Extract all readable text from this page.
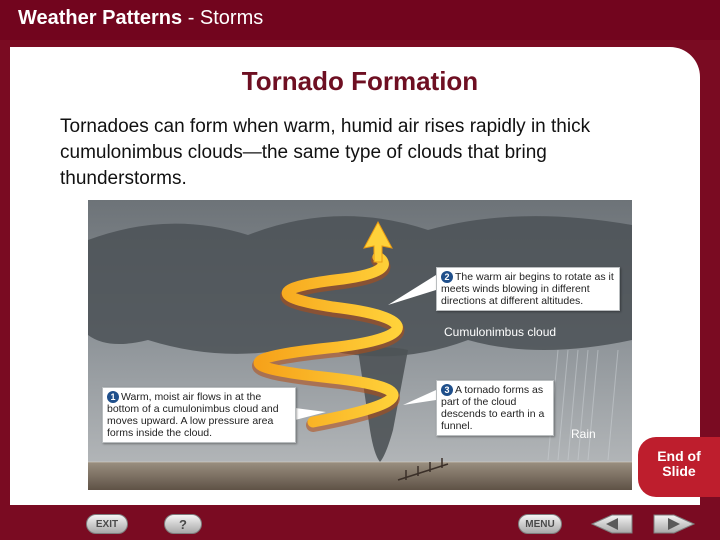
Weather Patterns - Storms
Tornado Formation
Tornadoes can form when warm, humid air rises rapidly in thick cumulonimbus clouds—the same type of clouds that bring thunderstorms.
1 Warm, moist air flows in at the bottom of a cumulonimbus cloud and moves upward. A low pressure area forms inside the cloud.
2 The warm air begins to rotate as it meets winds blowing in different directions at different altitudes.
3 A tornado forms as part of the cloud descends to earth in a funnel.
Cumulonimbus cloud
Rain
End of
Slide
EXIT	?	MENU
